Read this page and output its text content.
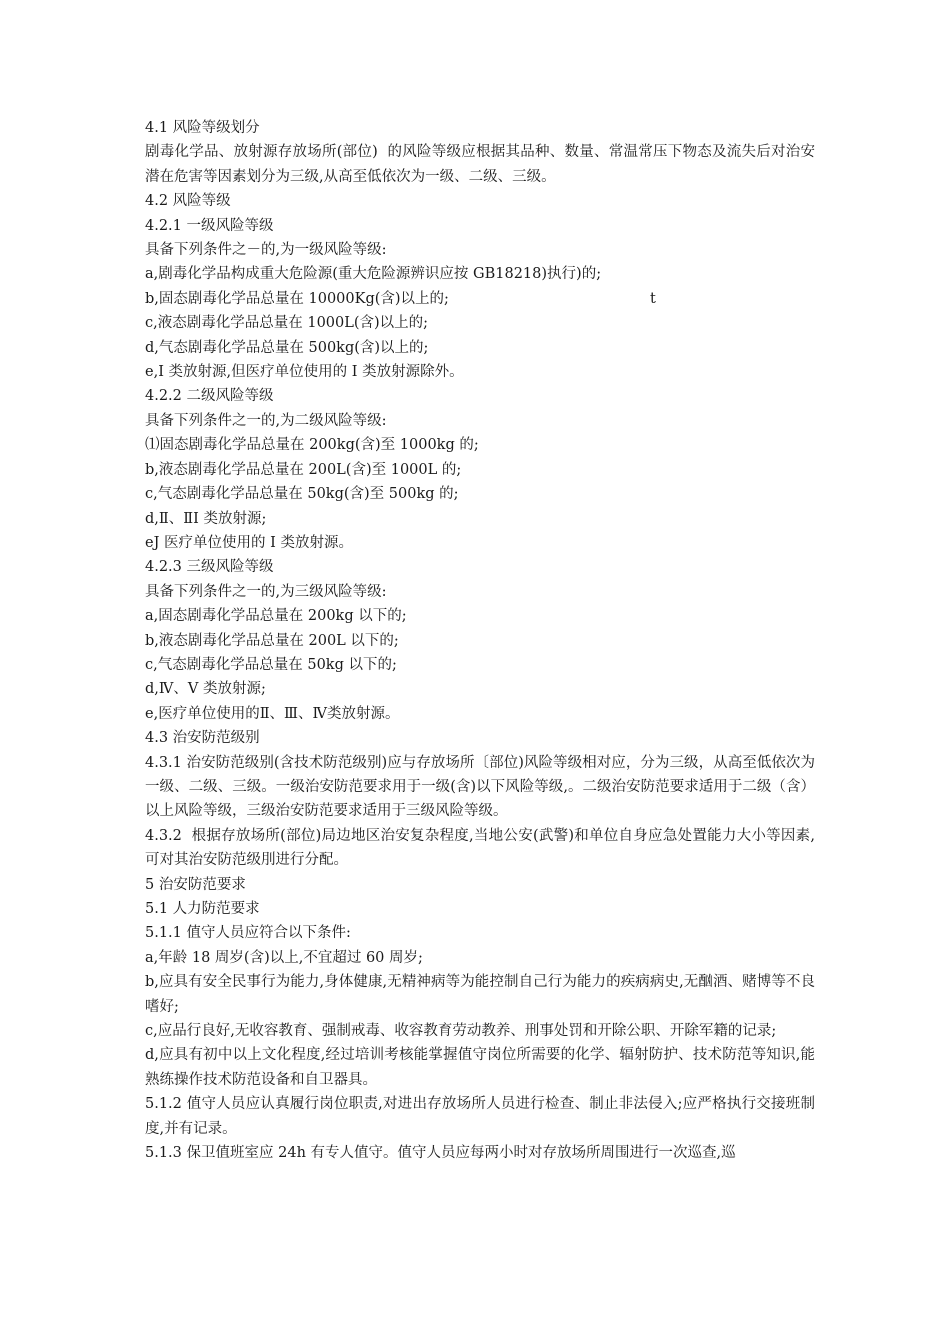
4.1 风险等级划分

剧毒化学品、放射源存放场所(部位)  的风险等级应根据其品种、数量、常温常压下物态及流失后对治安潜在危害等因素划分为三级,从高至低依次为一级、二级、三级。

4.2 风险等级

4.2.1 一级风险等级

具备下列条件之－的,为一级风险等级:

a,剧毒化学品构成重大危险源(重大危险源辨识应按 GB18218)执行)的;

b,固态剧毒化学品总量在 10000Kg(含)以上的;	t

c,液态剧毒化学品总量在 1000L(含)以上的;

d,气态剧毒化学品总量在 500kg(含)以上的;

e,I 类放射源,但医疗单位使用的 I 类放射源除外。

4.2.2 二级风险等级

具备下列条件之一的,为二级风险等级:

⑴固态剧毒化学品总量在 200kg(含)至 1000kg 的;

b,液态剧毒化学品总量在 200L(含)至 1000L 的;

c,气态剧毒化学品总量在 50kg(含)至 500kg 的;

d,Ⅱ、ⅡI 类放射源;

eJ 医疗单位使用的 I 类放射源。

4.2.3 三级风险等级

具备下列条件之一的,为三级风险等级:

a,固态剧毒化学品总量在 200kg 以下的;

b,液态剧毒化学品总量在 200L 以下的;

c,气态剧毒化学品总量在 50kg 以下的;

d,Ⅳ、V 类放射源;

e,医疗单位使用的Ⅱ、Ⅲ、Ⅳ类放射源。

4.3 治安防范级别

4.3.1 治安防范级别(含技术防范级别)应与存放场所〔部位)风险等级相对应，分为三级，从高至低依次为一级、二级、三级。一级治安防范要求用于一级(含)以下风险等级,。二级治安防范要求适用于二级（含）以上风险等级，三级治安防范要求适用于三级风险等级。

4.3.2  根据存放场所(部位)局边地区治安复杂程度,当地公安(武警)和单位自身应急处置能力大小等因素,可对其治安防范级刖进行分配。

5 治安防范要求

5.1 人力防范要求

5.1.1 值守人员应符合以下条件:

a,年龄 18 周岁(含)以上,不宜超过 60 周岁;

b,应具有安全民事行为能力,身体健康,无精神病等为能控制自己行为能力的疾病病史,无酗酒、赌博等不良嗜好;

c,应品行良好,无收容教育、强制戒毒、收容教育劳动教养、刑事处罚和开除公职、开除军籍的记录;

d,应具有初中以上文化程度,经过培训考核能掌握值守岗位所需要的化学、辐射防护、技术防范等知识,能熟练操作技术防范设备和自卫器具。

5.1.2 值守人员应认真履行岗位职责,对进出存放场所人员进行检查、制止非法侵入;应严格执行交接班制度,并有记录。

5.1.3 保卫值班室应 24h 有专人值守。值守人员应每两小时对存放场所周围进行一次巡查,巡
